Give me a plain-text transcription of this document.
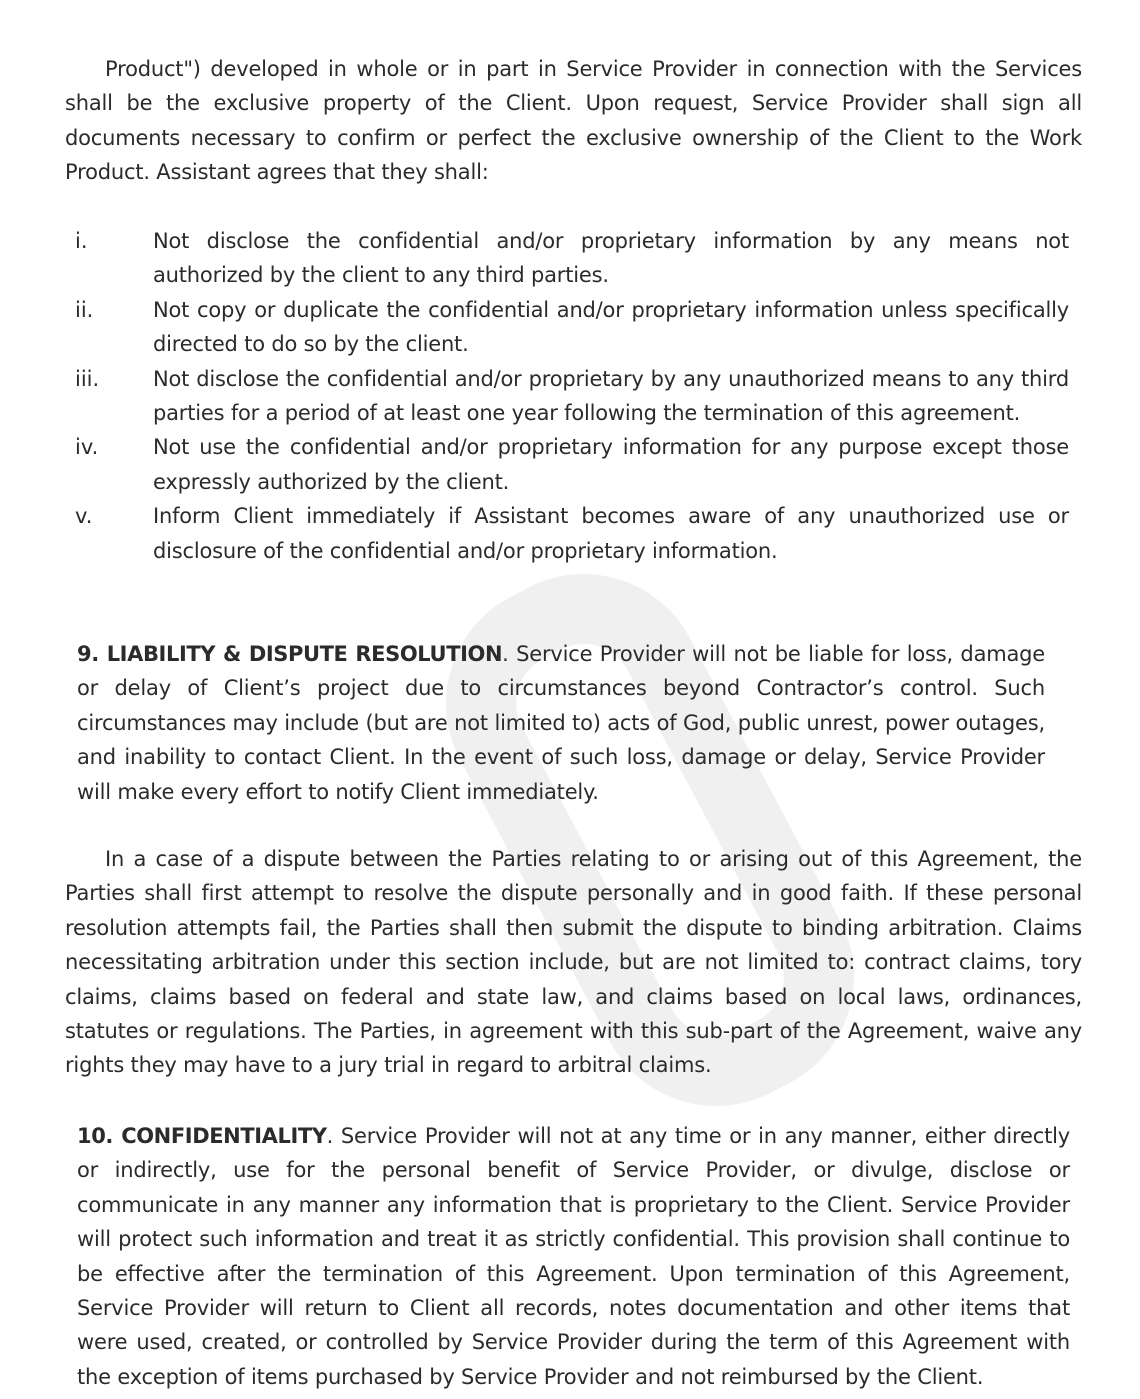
Product") developed in whole or in part in Service Provider in connection with the Services shall be the exclusive property of the Client. Upon request, Service Provider shall sign all documents necessary to confirm or perfect the exclusive ownership of the Client to the Work Product. Assistant agrees that they shall:

i.	Not disclose the confidential and/or proprietary information by any means not authorized by the client to any third parties.
ii.	Not copy or duplicate the confidential and/or proprietary information unless specifically directed to do so by the client.
iii.	Not disclose the confidential and/or proprietary by any unauthorized means to any third parties for a period of at least one year following the termination of this agreement.
iv.	Not use the confidential and/or proprietary information for any purpose except those expressly authorized by the client.
v.	Inform Client immediately if Assistant becomes aware of any unauthorized use or disclosure of the confidential and/or proprietary information.

9. LIABILITY & DISPUTE RESOLUTION. Service Provider will not be liable for loss, damage or delay of Client’s project due to circumstances beyond Contractor’s control. Such circumstances may include (but are not limited to) acts of God, public unrest, power outages, and inability to contact Client. In the event of such loss, damage or delay, Service Provider will make every effort to notify Client immediately.

In a case of a dispute between the Parties relating to or arising out of this Agreement, the Parties shall first attempt to resolve the dispute personally and in good faith. If these personal resolution attempts fail, the Parties shall then submit the dispute to binding arbitration. Claims necessitating arbitration under this section include, but are not limited to: contract claims, tory claims, claims based on federal and state law, and claims based on local laws, ordinances, statutes or regulations. The Parties, in agreement with this sub-part of the Agreement, waive any rights they may have to a jury trial in regard to arbitral claims.

10. CONFIDENTIALITY. Service Provider will not at any time or in any manner, either directly or indirectly, use for the personal benefit of Service Provider, or divulge, disclose or communicate in any manner any information that is proprietary to the Client. Service Provider will protect such information and treat it as strictly confidential. This provision shall continue to be effective after the termination of this Agreement. Upon termination of this Agreement, Service Provider will return to Client all records, notes documentation and other items that were used, created, or controlled by Service Provider during the term of this Agreement with the exception of items purchased by Service Provider and not reimbursed by the Client.
